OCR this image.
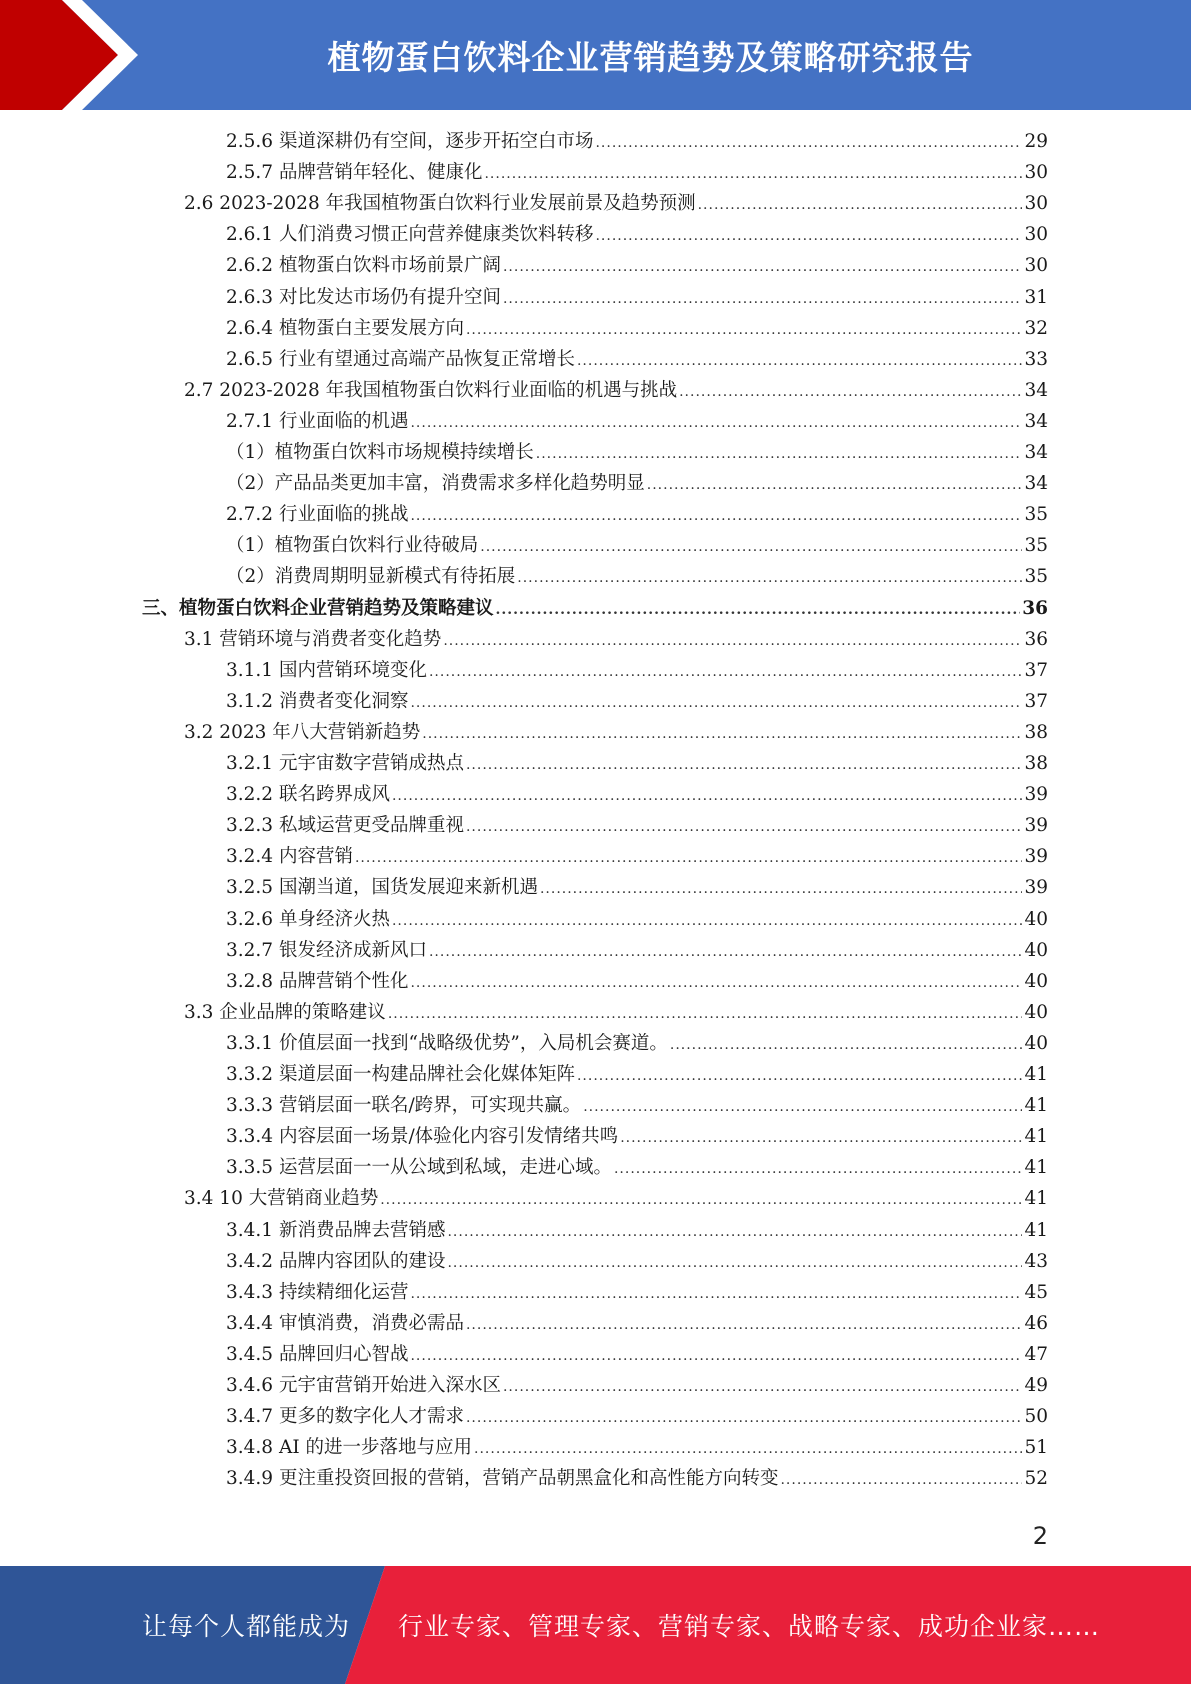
植物蛋白饮料企业营销趋势及策略研究报告
2.5.6 渠道深耕仍有空间，逐步开拓空白市场 .....	29
2.5.7 品牌营销年轻化、健康化 .....	30
2.6 2023-2028 年我国植物蛋白饮料行业发展前景及趋势预测 .....	30
2.6.1 人们消费习惯正向营养健康类饮料转移 .....	30
2.6.2 植物蛋白饮料市场前景广阔 .....	30
2.6.3 对比发达市场仍有提升空间 .....	31
2.6.4 植物蛋白主要发展方向 .....	32
2.6.5 行业有望通过高端产品恢复正常增长 .....	33
2.7 2023-2028 年我国植物蛋白饮料行业面临的机遇与挑战 .....	34
2.7.1 行业面临的机遇 .....	34
（1）植物蛋白饮料市场规模持续增长 .....	34
（2）产品品类更加丰富，消费需求多样化趋势明显 .....	34
2.7.2 行业面临的挑战 .....	35
（1）植物蛋白饮料行业待破局 .....	35
（2）消费周期明显新模式有待拓展 .....	35
三、植物蛋白饮料企业营销趋势及策略建议 .....	36
3.1 营销环境与消费者变化趋势 .....	36
3.1.1 国内营销环境变化 .....	37
3.1.2 消费者变化洞察 .....	37
3.2 2023 年八大营销新趋势 .....	38
3.2.1 元宇宙数字营销成热点 .....	38
3.2.2 联名跨界成风 .....	39
3.2.3 私域运营更受品牌重视 .....	39
3.2.4 内容营销 .....	39
3.2.5 国潮当道，国货发展迎来新机遇 .....	39
3.2.6 单身经济火热 .....	40
3.2.7 银发经济成新风口 .....	40
3.2.8 品牌营销个性化 .....	40
3.3 企业品牌的策略建议 .....	40
3.3.1 价值层面一找到“战略级优势”，入局机会赛道。 .....	40
3.3.2 渠道层面一构建品牌社会化媒体矩阵 .....	41
3.3.3 营销层面一联名/跨界，可实现共赢。 .....	41
3.3.4 内容层面一场景/体验化内容引发情绪共鸣 .....	41
3.3.5 运营层面一一从公域到私域，走进心域。 .....	41
3.4 10 大营销商业趋势 .....	41
3.4.1 新消费品牌去营销感 .....	41
3.4.2 品牌内容团队的建设 .....	43
3.4.3 持续精细化运营 .....	45
3.4.4 审慎消费，消费必需品 .....	46
3.4.5 品牌回归心智战 .....	47
3.4.6 元宇宙营销开始进入深水区 .....	49
3.4.7 更多的数字化人才需求 .....	50
3.4.8 AI 的进一步落地与应用 .....	51
3.4.9 更注重投资回报的营销，营销产品朝黑盒化和高性能方向转变 .....	52
2
让每个人都能成为 行业专家、管理专家、营销专家、战略专家、成功企业家……
